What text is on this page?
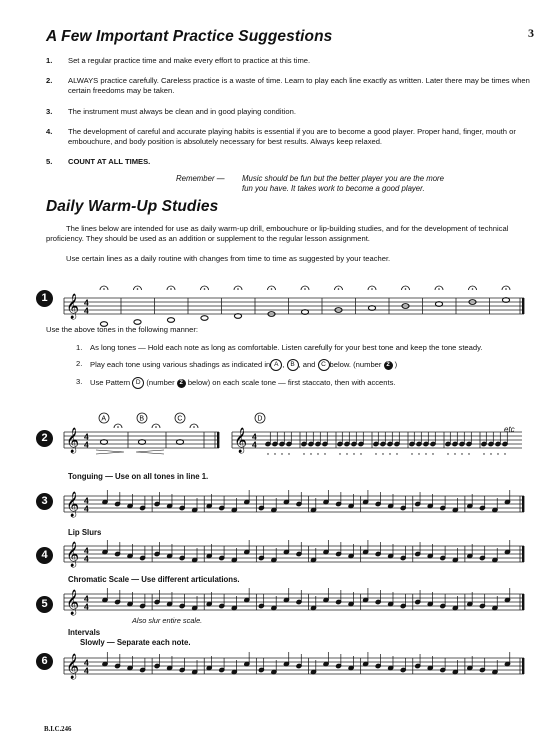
3
A Few Important Practice Suggestions
1. Set a regular practice time and make every effort to practice at this time.
2. ALWAYS practice carefully. Careless practice is a waste of time. Learn to play each line exactly as written. Later there may be times when certain freedoms may be taken.
3. The instrument must always be clean and in good playing condition.
4. The development of careful and accurate playing habits is essential if you are to become a good player. Proper hand, finger, mouth or embouchure, and body position is absolutely necessary for best results. Always keep relaxed.
5. COUNT AT ALL TIMES.
Remember — Music should be fun but the better player you are the more
fun you have. It takes work to become a good player.
Daily Warm-Up Studies
The lines below are intended for use as daily warm-up drill, embouchure or lip-building studies, and for the development of technical proficiency. They should be used as an addition or supplement to the regular lesson assignment.
Use certain lines as a daily routine with changes from time to time as suggested by your teacher.
1 𝄞 4
4
Use the above tones in the following manner:
1. As long tones — Hold each note as long as comfortable. Listen carefully for your best tone and keep the tone steady.
2. Play each tone using various shadings as indicated in A , B , and C below. (number 2 )
3. Use Pattern D (number 2 below) on each scale tone — first staccato, then with accents.
2 𝄞 4
4
A	B	C
𝄞 4
4
D
etc
Tonguing — Use on all tones in line 1.
3 𝄞 4
4
Lip Slurs
4 𝄞 4
4
Chromatic Scale — Use different articulations.
5 𝄞 4
4
Also slur entire scale.
Intervals
Slowly — Separate each note.
6 𝄞 4
4
B.I.C.246
